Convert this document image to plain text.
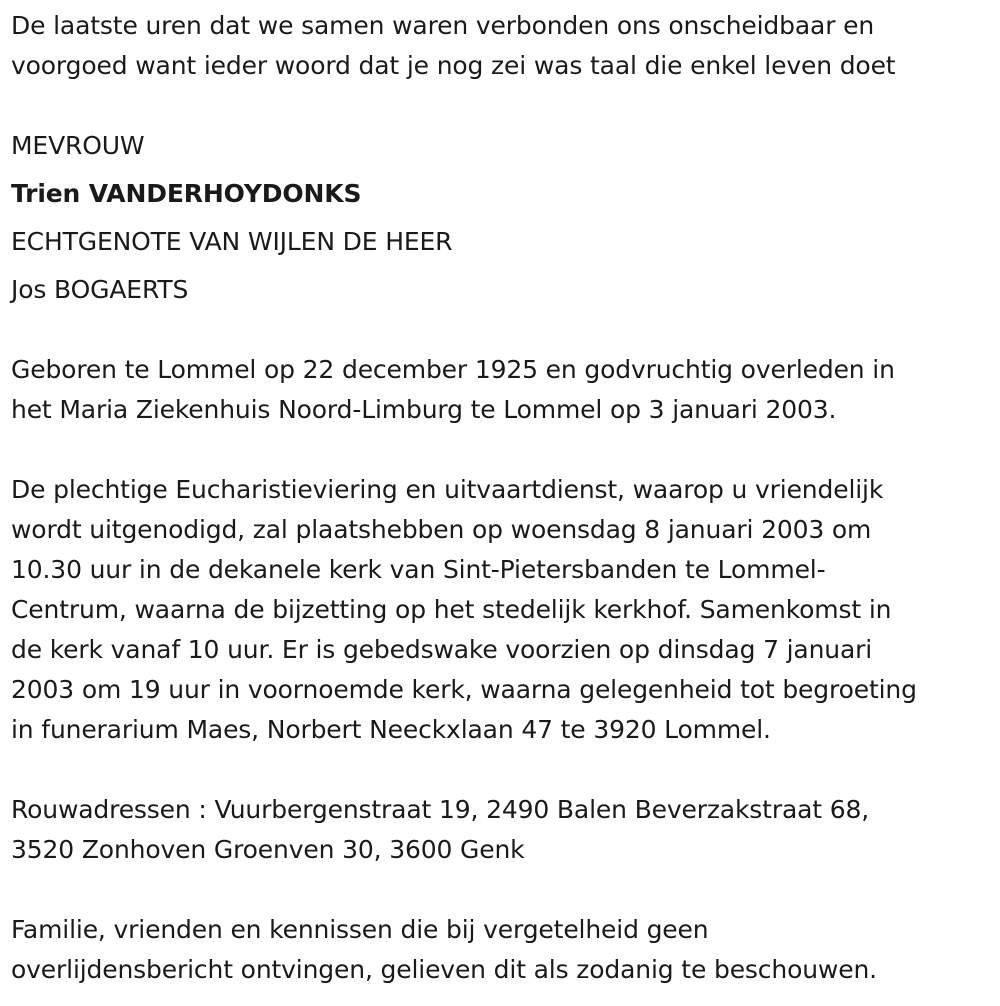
De laatste uren dat we samen waren verbonden ons onscheidbaar en

voorgoed want ieder woord dat je nog zei was taal die enkel leven doet

MEVROUW

Trien VANDERHOYDONKS

ECHTGENOTE VAN WIJLEN DE HEER

Jos BOGAERTS

Geboren te Lommel op 22 december 1925 en godvruchtig overleden in

het Maria Ziekenhuis Noord-Limburg te Lommel op 3 januari 2003.

De plechtige Eucharistieviering en uitvaartdienst, waarop u vriendelijk

wordt uitgenodigd, zal plaatshebben op woensdag 8 januari 2003 om

10.30 uur in de dekanele kerk van Sint-Pietersbanden te Lommel-

Centrum, waarna de bijzetting op het stedelijk kerkhof. Samenkomst in

de kerk vanaf 10 uur. Er is gebedswake voorzien op dinsdag 7 januari

2003 om 19 uur in voornoemde kerk, waarna gelegenheid tot begroeting

in funerarium Maes, Norbert Neeckxlaan 47 te 3920 Lommel.

Rouwadressen : Vuurbergenstraat 19, 2490 Balen Beverzakstraat 68,

3520 Zonhoven Groenven 30, 3600 Genk

Familie, vrienden en kennissen die bij vergetelheid geen

overlijdensbericht ontvingen, gelieven dit als zodanig te beschouwen.
